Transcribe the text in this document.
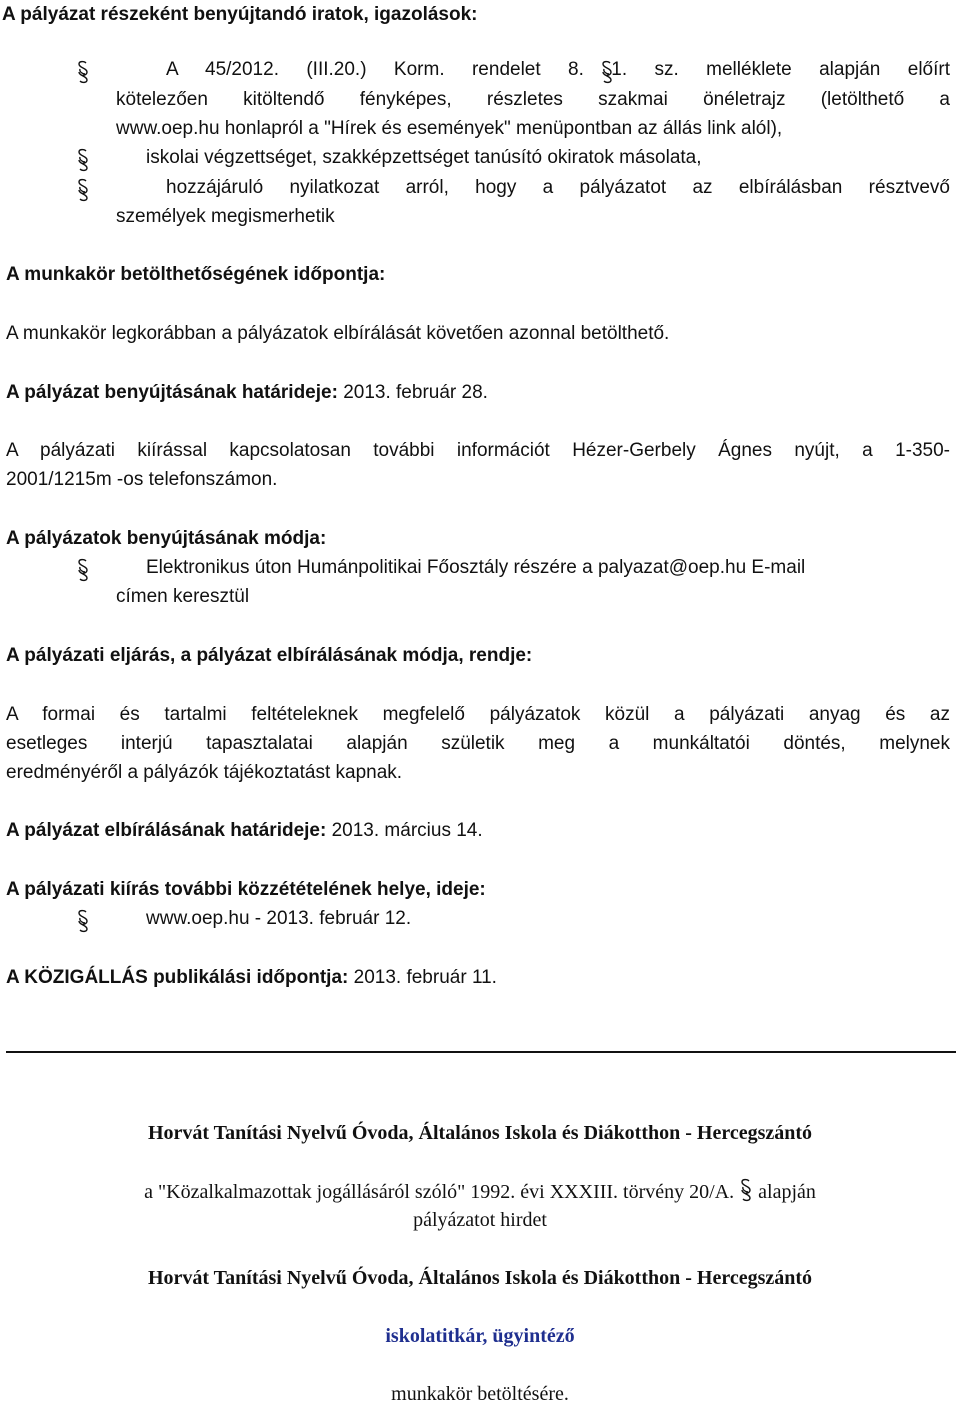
A pályázat részeként benyújtandó iratok, igazolások:
A 45/2012. (III.20.) Korm. rendelet 8. 1. sz. melléklete alapján előírt
kötelezően kitöltendő fényképes, részletes szakmai önéletrajz (letölthető a
www.oep.hu honlapról a "Hírek és események" menüpontban az állás link alól),
iskolai végzettséget, szakképzettséget tanúsító okiratok másolata,
hozzájáruló nyilatkozat arról, hogy a pályázatot az elbírálásban résztvevő
személyek megismerhetik
A munkakör betölthetőségének időpontja:
A munkakör legkorábban a pályázatok elbírálását követően azonnal betölthető.
A pályázat benyújtásának határideje: 2013. február 28.
A pályázati kiírással kapcsolatosan további információt Hézer-Gerbely Ágnes nyújt, a 1-350-
2001/1215m -os telefonszámon.
A pályázatok benyújtásának módja:
Elektronikus úton Humánpolitikai Főosztály részére a palyazat@oep.hu E-mail
címen keresztül
A pályázati eljárás, a pályázat elbírálásának módja, rendje:
A formai és tartalmi feltételeknek megfelelő pályázatok közül a pályázati anyag és az
esetleges interjú tapasztalatai alapján születik meg a munkáltatói döntés, melynek
eredményéről a pályázók tájékoztatást kapnak.
A pályázat elbírálásának határideje: 2013. március 14.
A pályázati kiírás további közzétételének helye, ideje:
www.oep.hu - 2013. február 12.
A KÖZIGÁLLÁS publikálási időpontja: 2013. február 11.
Horvát Tanítási Nyelvű Óvoda, Általános Iskola és Diákotthon - Hercegszántó
a "Közalkalmazottak jogállásáról szóló" 1992. évi XXXIII. törvény 20/A. alapján
pályázatot hirdet
Horvát Tanítási Nyelvű Óvoda, Általános Iskola és Diákotthon - Hercegszántó
iskolatitkár, ügyintéző
munkakör betöltésére.
